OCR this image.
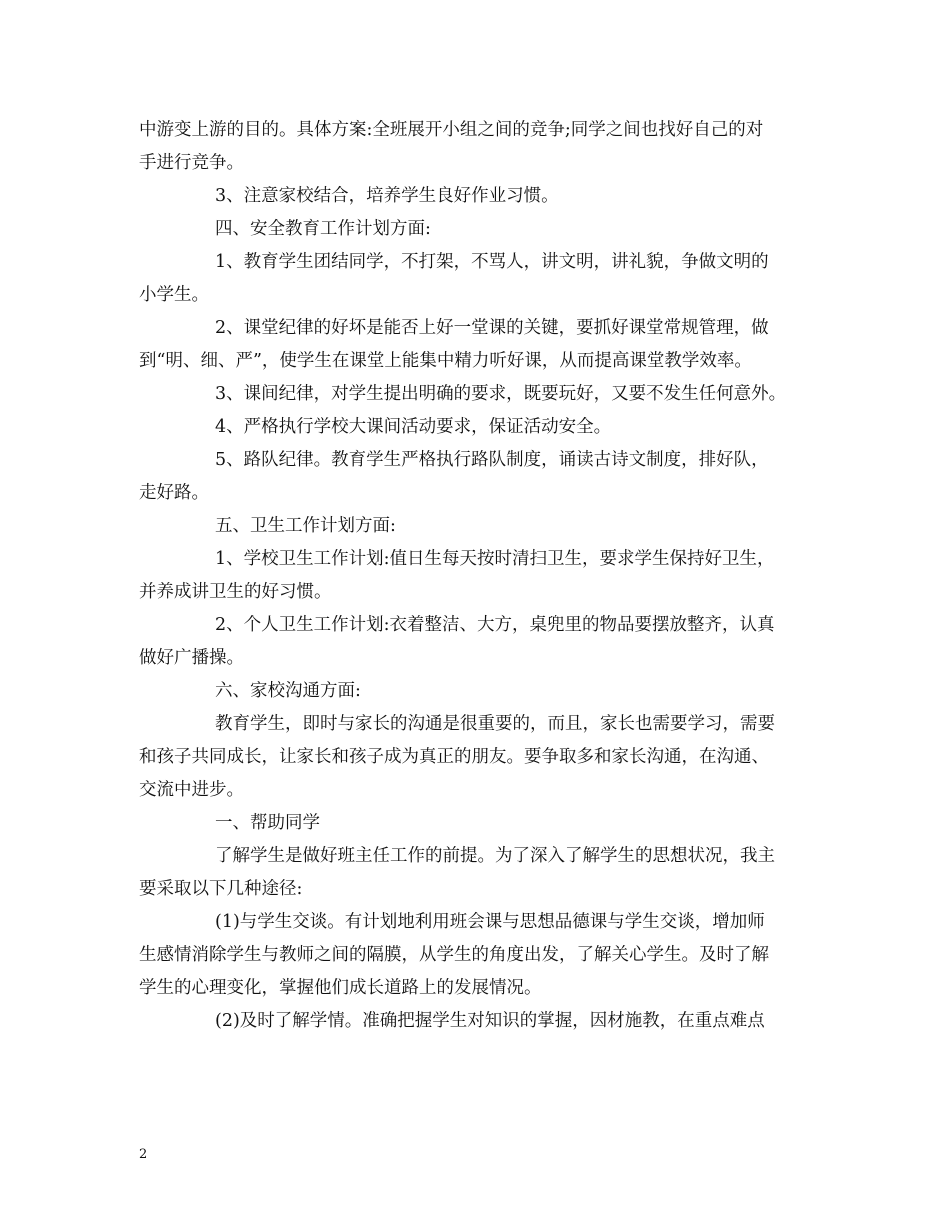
中游变上游的目的。具体方案:全班展开小组之间的竞争;同学之间也找好自己的对
手进行竞争。
3、注意家校结合，培养学生良好作业习惯。
四、安全教育工作计划方面:
1、教育学生团结同学，不打架，不骂人，讲文明，讲礼貌，争做文明的
小学生。
2、课堂纪律的好坏是能否上好一堂课的关键，要抓好课堂常规管理，做
到“明、细、严”，使学生在课堂上能集中精力听好课，从而提高课堂教学效率。
3、课间纪律，对学生提出明确的要求，既要玩好，又要不发生任何意外。
4、严格执行学校大课间活动要求，保证活动安全。
5、路队纪律。教育学生严格执行路队制度，诵读古诗文制度，排好队，
走好路。
五、卫生工作计划方面:
1、学校卫生工作计划:值日生每天按时清扫卫生，要求学生保持好卫生，
并养成讲卫生的好习惯。
2、个人卫生工作计划:衣着整洁、大方，桌兜里的物品要摆放整齐，认真
做好广播操。
六、家校沟通方面:
教育学生，即时与家长的沟通是很重要的，而且，家长也需要学习，需要
和孩子共同成长，让家长和孩子成为真正的朋友。要争取多和家长沟通，在沟通、
交流中进步。
一、帮助同学
了解学生是做好班主任工作的前提。为了深入了解学生的思想状况，我主
要采取以下几种途径:
(1)与学生交谈。有计划地利用班会课与思想品德课与学生交谈，增加师
生感情消除学生与教师之间的隔膜，从学生的角度出发，了解关心学生。及时了解
学生的心理变化，掌握他们成长道路上的发展情况。
(2)及时了解学情。准确把握学生对知识的掌握，因材施教，在重点难点
2
